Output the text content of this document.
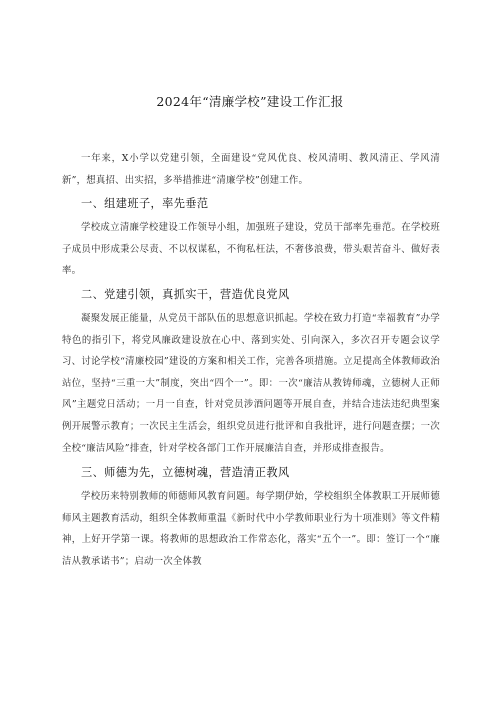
2024年“清廉学校”建设工作汇报

一年来，X小学以党建引领，全面建设“党风优良、校风清明、教风清正、学风清新”，想真招、出实招，多举措推进“清廉学校”创建工作。

一、组建班子，率先垂范

学校成立清廉学校建设工作领导小组，加强班子建设，党员干部率先垂范。在学校班子成员中形成秉公尽责、不以权谋私，不徇私枉法，不奢侈浪费，带头艰苦奋斗、做好表率。

二、党建引领，真抓实干，营造优良党风

凝聚发展正能量，从党员干部队伍的思想意识抓起。学校在致力打造“幸福教育”办学特色的指引下，将党风廉政建设放在心中、落到实处、引向深入，多次召开专题会议学习、讨论学校“清廉校园”建设的方案和相关工作，完善各项措施。立足提高全体教师政治站位，坚持“三重一大”制度，突出“四个一”。即：一次“廉洁从教铸师魂，立德树人正师风”主题党日活动；一月一自查，针对党员涉酒问题等开展自查，并结合违法违纪典型案例开展警示教育；一次民主生活会，组织党员进行批评和自我批评，进行问题查摆；一次全校“廉洁风险”排查，针对学校各部门工作开展廉洁自查，并形成排查报告。

三、师德为先，立德树魂，营造清正教风

学校历来特别教师的师德师风教育问题。每学期伊始，学校组织全体教职工开展师德师风主题教育活动，组织全体教师重温《新时代中小学教师职业行为十项准则》等文件精神，上好开学第一课。将教师的思想政治工作常态化，落实“五个一”。即：签订一个“廉洁从教承诺书”；启动一次全体教
